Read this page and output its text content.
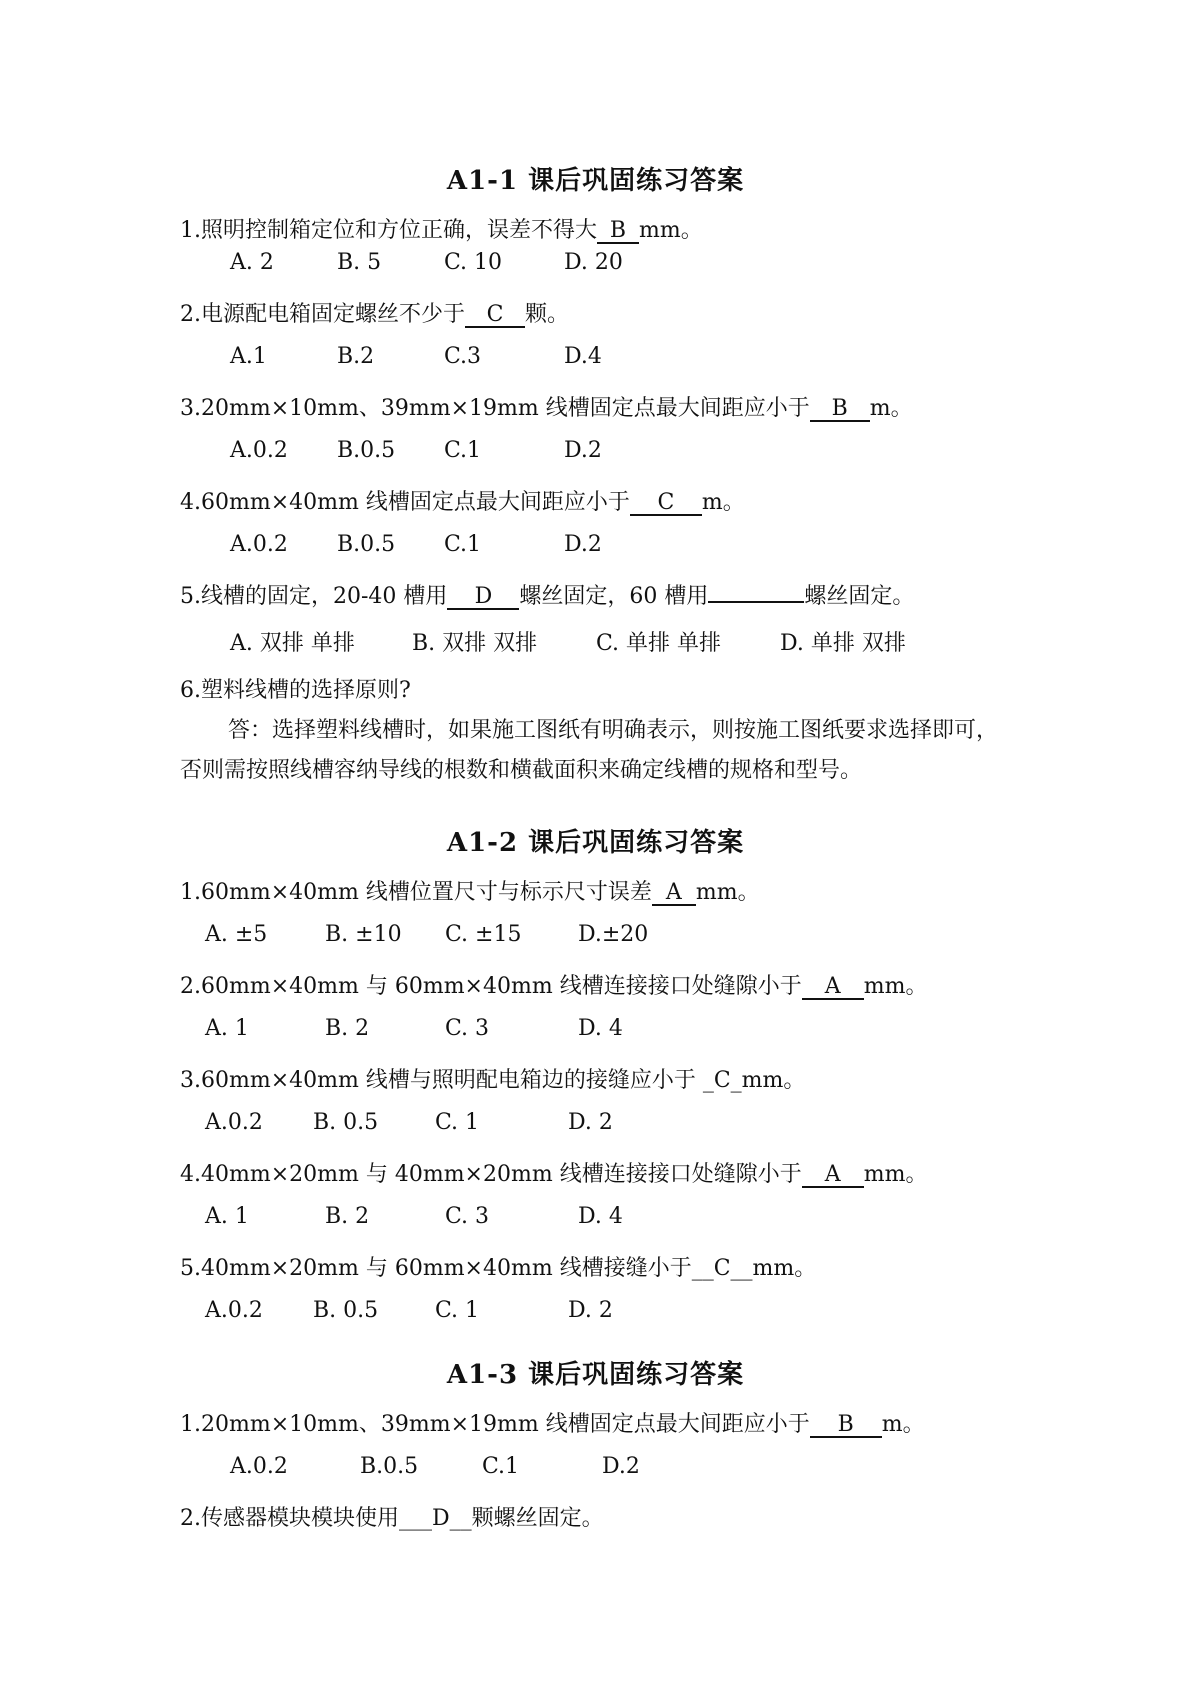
A1-1 课后巩固练习答案
1.照明控制箱定位和方位正确，误差不得大 B mm。
A. 2	B. 5	C. 10	D. 20
2.电源配电箱固定螺丝不少于 C 颗。
A.1	B.2	C.3	D.4
3.20mm×10mm、39mm×19mm 线槽固定点最大间距应小于 B m。
A.0.2 B.0.5 C.1	D.2
4.60mm×40mm 线槽固定点最大间距应小于 C m。
A.0.2 B.0.5 C.1	D.2
5.线槽的固定，20-40 槽用 D 螺丝固定，60 槽用	螺丝固定。
A. 双排 单排	B. 双排 双排	C. 单排 单排	D. 单排 双排
6.塑料线槽的选择原则?
答：选择塑料线槽时，如果施工图纸有明确表示，则按施工图纸要求选择即可，否则需按照线槽容纳导线的根数和横截面积来确定线槽的规格和型号。
A1-2 课后巩固练习答案
1.60mm×40mm 线槽位置尺寸与标示尺寸误差 A mm。
A. ±5	B. ±10 C. ±15	D.±20
2.60mm×40mm 与 60mm×40mm 线槽连接接口处缝隙小于 A mm。
A. 1	B. 2	C. 3	D. 4
3.60mm×40mm 线槽与照明配电箱边的接缝应小于 _C_mm。
A.0.2 B. 0.5	C. 1	D. 2
4.40mm×20mm 与 40mm×20mm 线槽连接接口处缝隙小于 A mm。
A. 1	B. 2	C. 3	D. 4
5.40mm×20mm 与 60mm×40mm 线槽接缝小于__C__mm。
A.0.2 B. 0.5	C. 1	D. 2
A1-3 课后巩固练习答案
1.20mm×10mm、39mm×19mm 线槽固定点最大间距应小于 B m。
A.0.2	B.0.5	C.1	D.2
2.传感器模块模块使用___D__颗螺丝固定。
